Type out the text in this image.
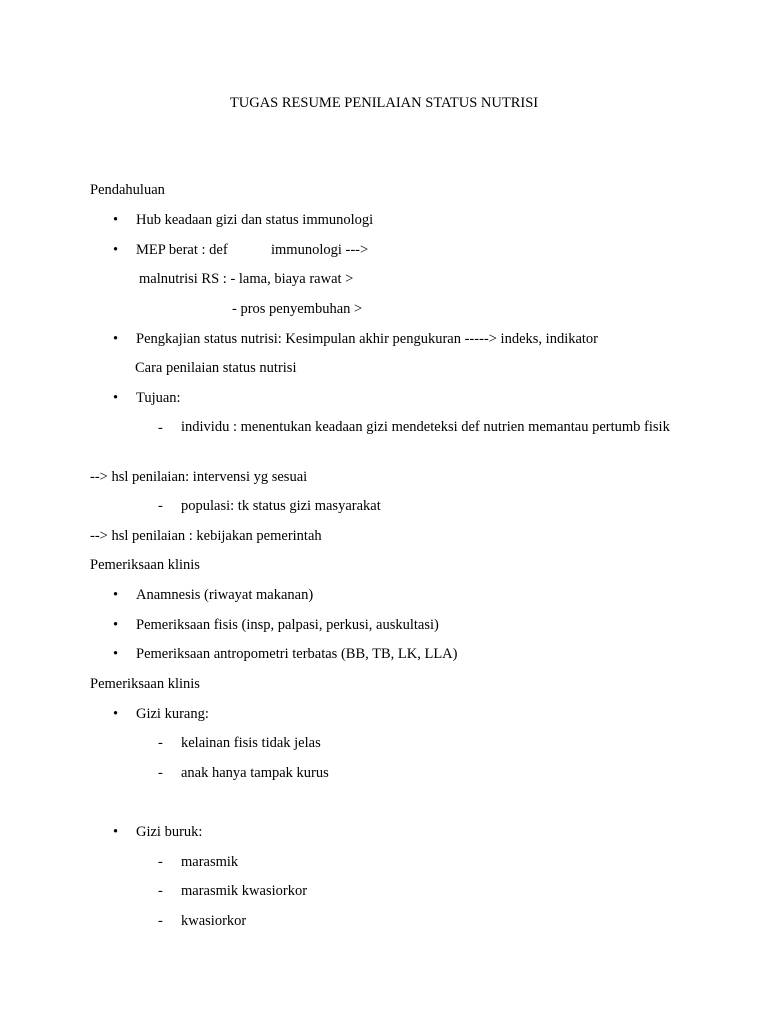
TUGAS RESUME PENILAIAN STATUS NUTRISI
Pendahuluan
• Hub keadaan gizi dan status immunologi
• MEP berat : def	immunologi --->
malnutrisi RS : - lama, biaya rawat >
- pros penyembuhan >
• Pengkajian status nutrisi: Kesimpulan akhir pengukuran -----> indeks, indikator
Cara penilaian status nutrisi
• Tujuan:
- individu : menentukan keadaan gizi mendeteksi def nutrien memantau pertumb fisik
--> hsl penilaian: intervensi yg sesuai
- populasi: tk status gizi masyarakat
--> hsl penilaian : kebijakan pemerintah
Pemeriksaan klinis
• Anamnesis (riwayat makanan)
• Pemeriksaan fisis (insp, palpasi, perkusi, auskultasi)
• Pemeriksaan antropometri terbatas (BB, TB, LK, LLA)
Pemeriksaan klinis
• Gizi kurang:
- kelainan fisis tidak jelas
- anak hanya tampak kurus
• Gizi buruk:
- marasmik
- marasmik kwasiorkor
- kwasiorkor
